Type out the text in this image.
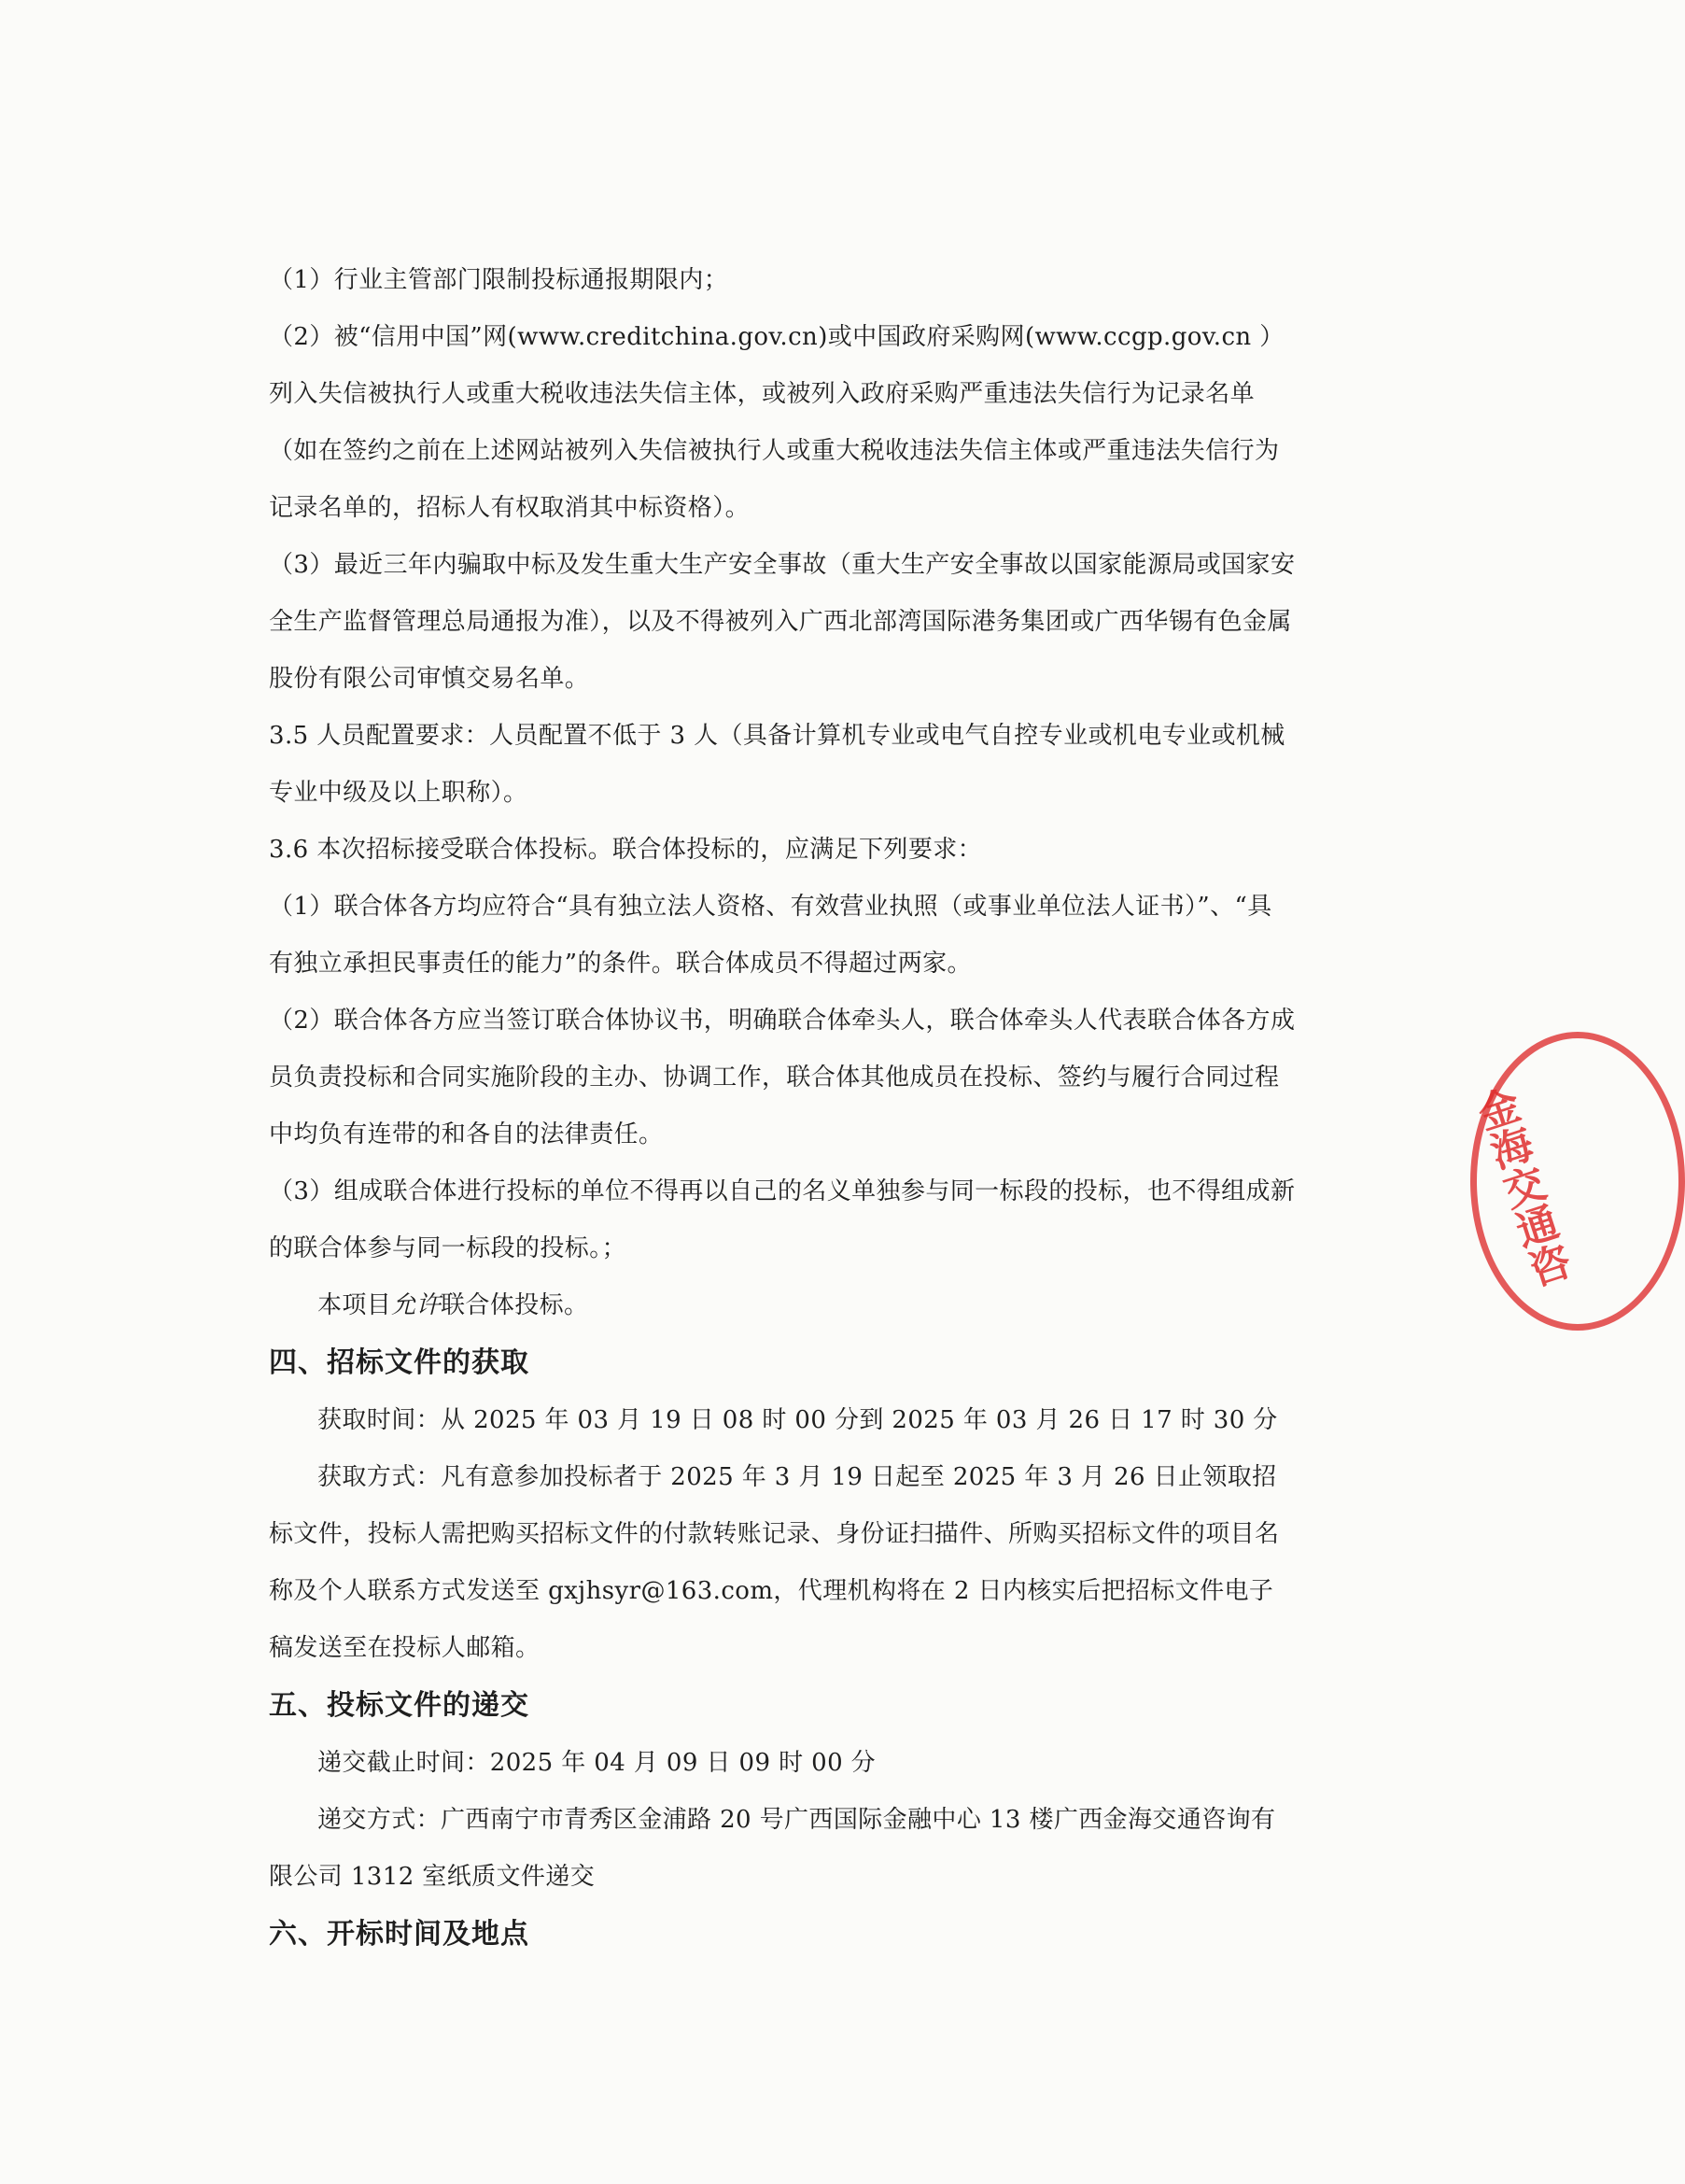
（1）行业主管部门限制投标通报期限内；

（2）被“信用中国”网(www.creditchina.gov.cn)或中国政府采购网(www.ccgp.gov.cn ）列入失信被执行人或重大税收违法失信主体，或被列入政府采购严重违法失信行为记录名单（如在签约之前在上述网站被列入失信被执行人或重大税收违法失信主体或严重违法失信行为记录名单的，招标人有权取消其中标资格）。

（3）最近三年内骗取中标及发生重大生产安全事故（重大生产安全事故以国家能源局或国家安全生产监督管理总局通报为准），以及不得被列入广西北部湾国际港务集团或广西华锡有色金属股份有限公司审慎交易名单。

3.5 人员配置要求：人员配置不低于 3 人（具备计算机专业或电气自控专业或机电专业或机械专业中级及以上职称）。

3.6 本次招标接受联合体投标。联合体投标的，应满足下列要求：

（1）联合体各方均应符合“具有独立法人资格、有效营业执照（或事业单位法人证书）”、“具有独立承担民事责任的能力”的条件。联合体成员不得超过两家。

（2）联合体各方应当签订联合体协议书，明确联合体牵头人，联合体牵头人代表联合体各方成员负责投标和合同实施阶段的主办、协调工作，联合体其他成员在投标、签约与履行合同过程中均负有连带的和各自的法律责任。

（3）组成联合体进行投标的单位不得再以自己的名义单独参与同一标段的投标，也不得组成新的联合体参与同一标段的投标。；

本项目允许联合体投标。

四、招标文件的获取

获取时间：从 2025 年 03 月 19 日 08 时 00 分到 2025 年 03 月 26 日 17 时 30 分

获取方式：凡有意参加投标者于 2025 年 3 月 19 日起至 2025 年 3 月 26 日止领取招标文件，投标人需把购买招标文件的付款转账记录、身份证扫描件、所购买招标文件的项目名称及个人联系方式发送至 gxjhsyr@163.com，代理机构将在 2 日内核实后把招标文件电子稿发送至在投标人邮箱。

五、投标文件的递交

递交截止时间：2025 年 04 月 09 日 09 时 00 分

递交方式：广西南宁市青秀区金浦路 20 号广西国际金融中心 13 楼广西金海交通咨询有限公司 1312 室纸质文件递交

六、开标时间及地点
金海交通咨
